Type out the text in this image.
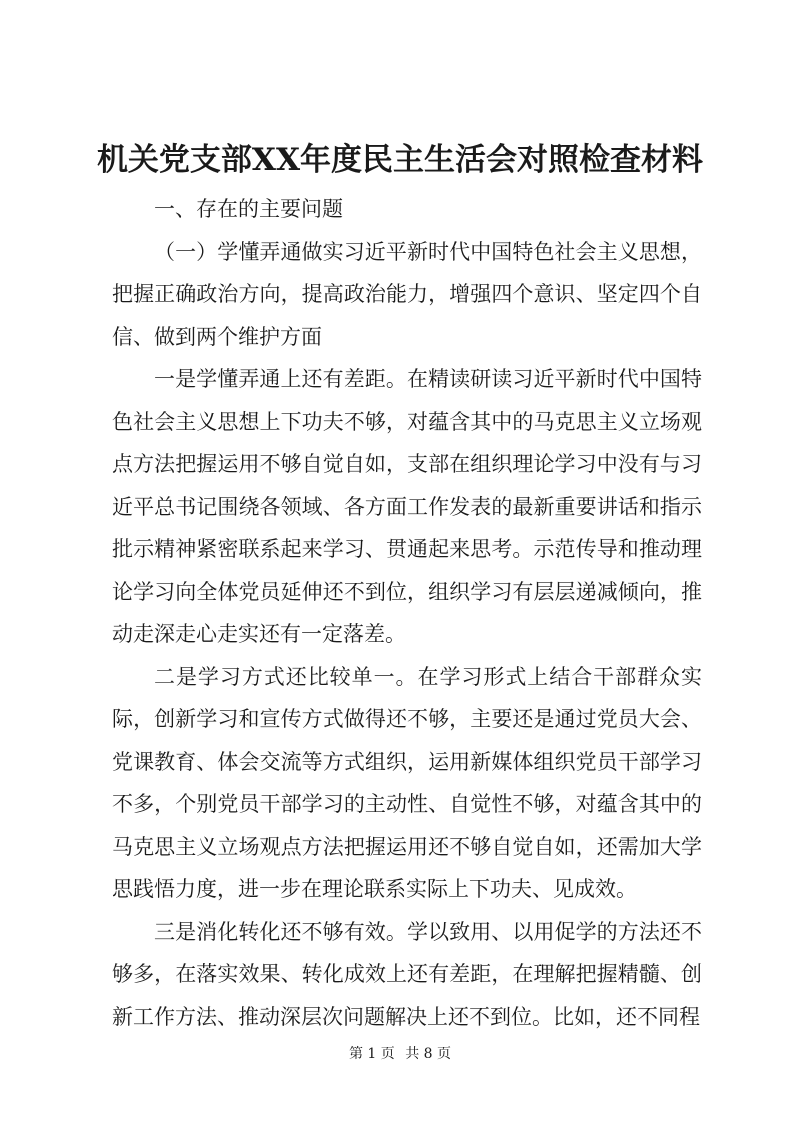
机关党支部XX年度民主生活会对照检查材料

一、存在的主要问题

（一）学懂弄通做实习近平新时代中国特色社会主义思想，把握正确政治方向，提高政治能力，增强四个意识、坚定四个自信、做到两个维护方面

一是学懂弄通上还有差距。在精读研读习近平新时代中国特色社会主义思想上下功夫不够，对蕴含其中的马克思主义立场观点方法把握运用不够自觉自如，支部在组织理论学习中没有与习近平总书记围绕各领域、各方面工作发表的最新重要讲话和指示批示精神紧密联系起来学习、贯通起来思考。示范传导和推动理论学习向全体党员延伸还不到位，组织学习有层层递减倾向，推动走深走心走实还有一定落差。

二是学习方式还比较单一。在学习形式上结合干部群众实际，创新学习和宣传方式做得还不够，主要还是通过党员大会、党课教育、体会交流等方式组织，运用新媒体组织党员干部学习不多，个别党员干部学习的主动性、自觉性不够，对蕴含其中的马克思主义立场观点方法把握运用还不够自觉自如，还需加大学思践悟力度，进一步在理论联系实际上下功夫、见成效。

三是消化转化还不够有效。学以致用、以用促学的方法还不够多，在落实效果、转化成效上还有差距，在理解把握精髓、创新工作方法、推动深层次问题解决上还不到位。比如，还不同程

第 1 页 共 8 页
